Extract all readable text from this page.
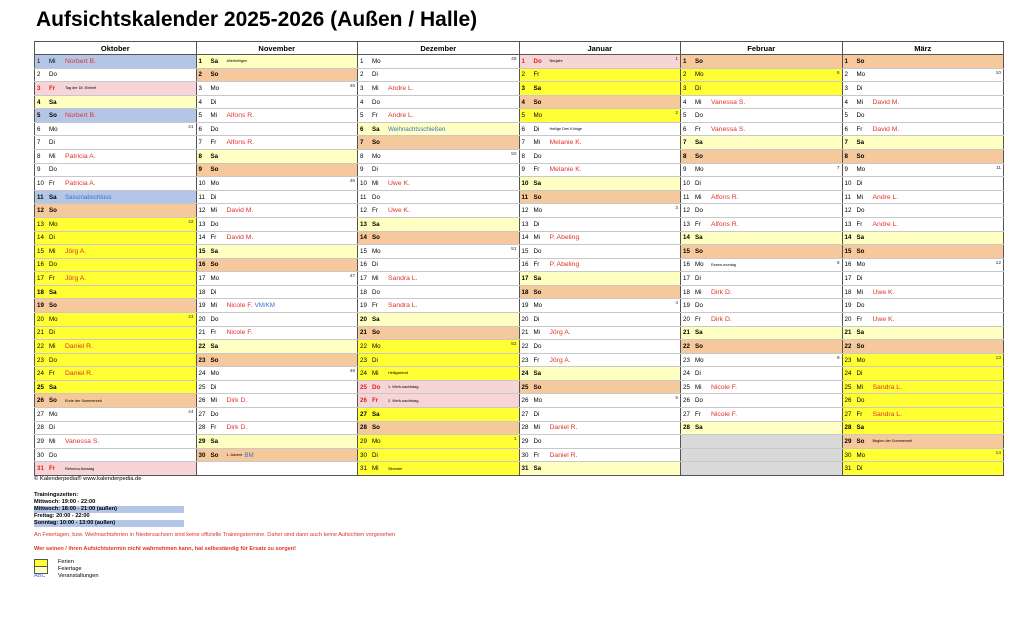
Aufsichtskalender 2025-2026 (Außen / Halle)
Oktober	November	Dezember	Januar	Februar	März
1 Mi Norbert B.	1 Sa Allerheiligen	1 Mo 49	1 Do Neujahr 1	1 So	1 So
2 Do	2 So	2 Di	2 Fr	2 Mo 6	2 Mo 10

3 Fr Tag der Dt. Einheit	3 Mo 45	3 Mi Andre L.	3 Sa	3 Di	3 Di
4 Sa	4 Di	4 Do	4 So	4 Mi Vanessa S.	4 Mi David M.
5 So Norbert B.	5 Mi Alfons R.	5 Fr Andre L.	5 Mo 2	5 Do	5 Do
6 Mo 41	6 Do	6 Sa Weihnachtsschießen	6 Di Heilige Drei Könige	6 Fr Vanessa S.	6 Fr David M.
7 Di	7 Fr Alfons R.	7 So	7 Mi Melanie K.	7 Sa	7 Sa
8 Mi Patricia A.	8 Sa	8 Mo 50	8 Do	8 So	8 So
9 Do	9 So	9 Di	9 Fr Melanie K.	9 Mo 7	9 Mo 11

10 Fr Patricia A.	10 Mo 46	10 Mi Uwe K.	10 Sa	10 Di	10 Di
11 Sa Saisonabschluss	11 Di	11 Do	11 So	11 Mi Alfons R.	11 Mi Andre L.
12 So	12 Mi David M.	12 Fr Uwe K.	12 Mo 3	12 Do	12 Do
13 Mo 42	13 Do	13 Sa	13 Di	13 Fr Alfons R.	13 Fr Andre L.
14 Di	14 Fr David M.	14 So	14 Mi P. Abeling	14 Sa	14 Sa
15 Mi Jörg A.	15 Sa	15 Mo 51	15 Do	15 So	15 So
16 Do	16 So	16 Di	16 Fr P. Abeling	16 Mo Rosen-montag 8	16 Mo 12

17 Fr Jörg A.	17 Mo 47	17 Mi Sandra L.	17 Sa	17 Di	17 Di
18 Sa	18 Di	18 Do	18 So	18 Mi Dirk D.	18 Mi Uwe K.
19 So	19 Mi Nicole F. VM/KM	19 Fr Sandra L.	19 Mo 4	19 Do	19 Do
20 Mo 43	20 Do	20 Sa	20 Di	20 Fr Dirk D.	20 Fr Uwe K.
21 Di	21 Fr Nicole F.	21 So	21 Mi Jörg A.	21 Sa	21 Sa
22 Mi Daniel R.	22 Sa	22 Mo 52	22 Do	22 So	22 So
23 Do	23 So	23 Di	23 Fr Jörg A.	23 Mo 9	23 Mo 13

24 Fr Daniel R.	24 Mo 48	24 Mi Heiligabend	24 Sa	24 Di	24 Di
25 Sa	25 Di	25 Do 1. Weih-nachtstag	25 So	25 Mi Nicole F.	25 Mi Sandra L.
26 So Ende der Sommerzeit	26 Mi Dirk D.	26 Fr 2. Weih-nachtstag	26 Mo 5	26 Do	26 Do
27 Mo 44	27 Do	27 Sa	27 Di	27 Fr Nicole F.	27 Fr Sandra L.
28 Di	28 Fr Dirk D.	28 So	28 Mi Daniel R.	28 Sa	28 Sa
29 Mi Vanessa S.	29 Sa	29 Mo 1	29 Do		29 So Beginn der Sommerzeit
30 Do	30 So 1. Advent BM	30 Di	30 Fr Daniel R.		30 Mo 14

31 Fr Reforma-tionstag		31 Mi Silvester	31 Sa		31 Di
© Kalenderpedia® www.kalenderpedia.de
Trainingszeiten:
Mittwoch: 19:00 - 22:00
Mittwoch: 18:00 - 21:00 (außen)
Freitag: 20:00 - 22:00
Sonntag: 10:00 - 13:00 (außen)
An Feiertagen, bzw. Weihnachtsferien in Niedersachsen sind keine offizielle Trainingstermine. Daher sind dann auch keine Aufsichten vorgesehen
Wer seinen / ihren Aufsichtstermin nicht wahrnehmen kann, hat selbeständig für Ersatz zu sorgen!
Ferien
Feiertage
ABC Veranstaltungen
